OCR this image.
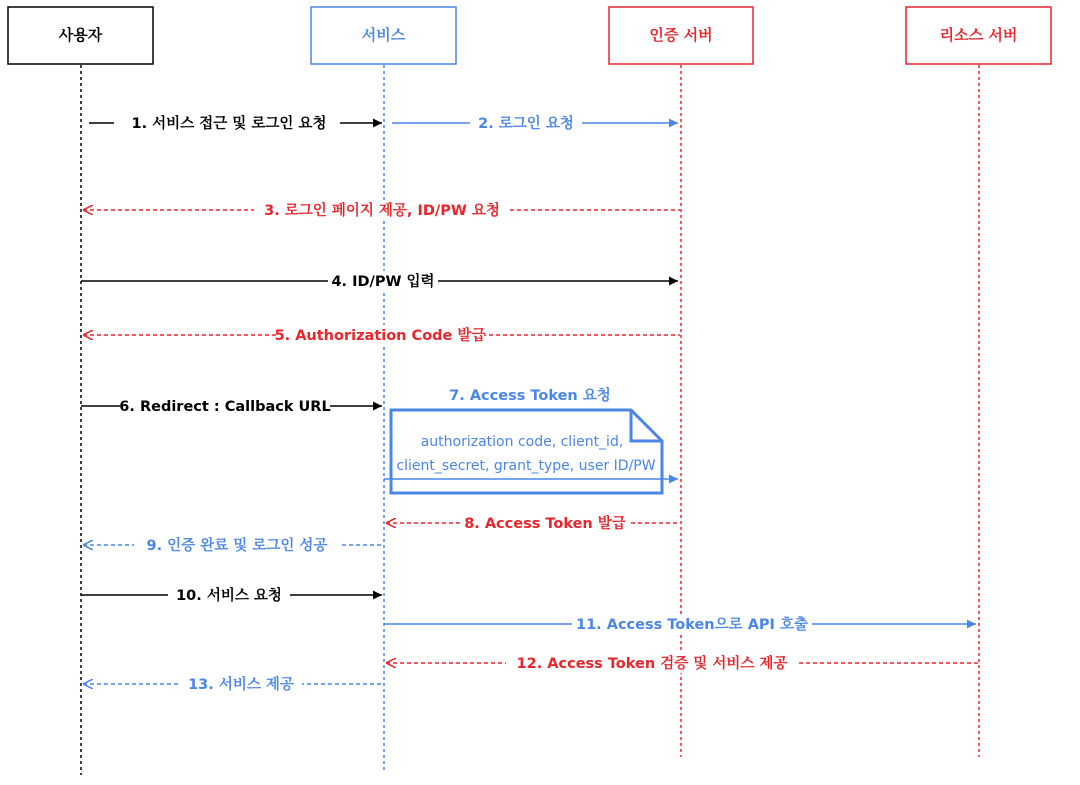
사용자	서비스	인증 서버	리소스 서버
1. 서비스 접근 및 로그인 요청	2. 로그인 요청
3. 로그인 페이지 제공, ID/PW 요청
4. ID/PW 입력
5. Authorization Code 발급
6. Redirect : Callback URL
7. Access Token 요청
authorization code, client_id,
client_secret, grant_type, user ID/PW
8. Access Token 발급
9. 인증 완료 및 로그인 성공
10. 서비스 요청
11. Access Token으로 API 호출
12. Access Token 검증 및 서비스 제공
13. 서비스 제공
